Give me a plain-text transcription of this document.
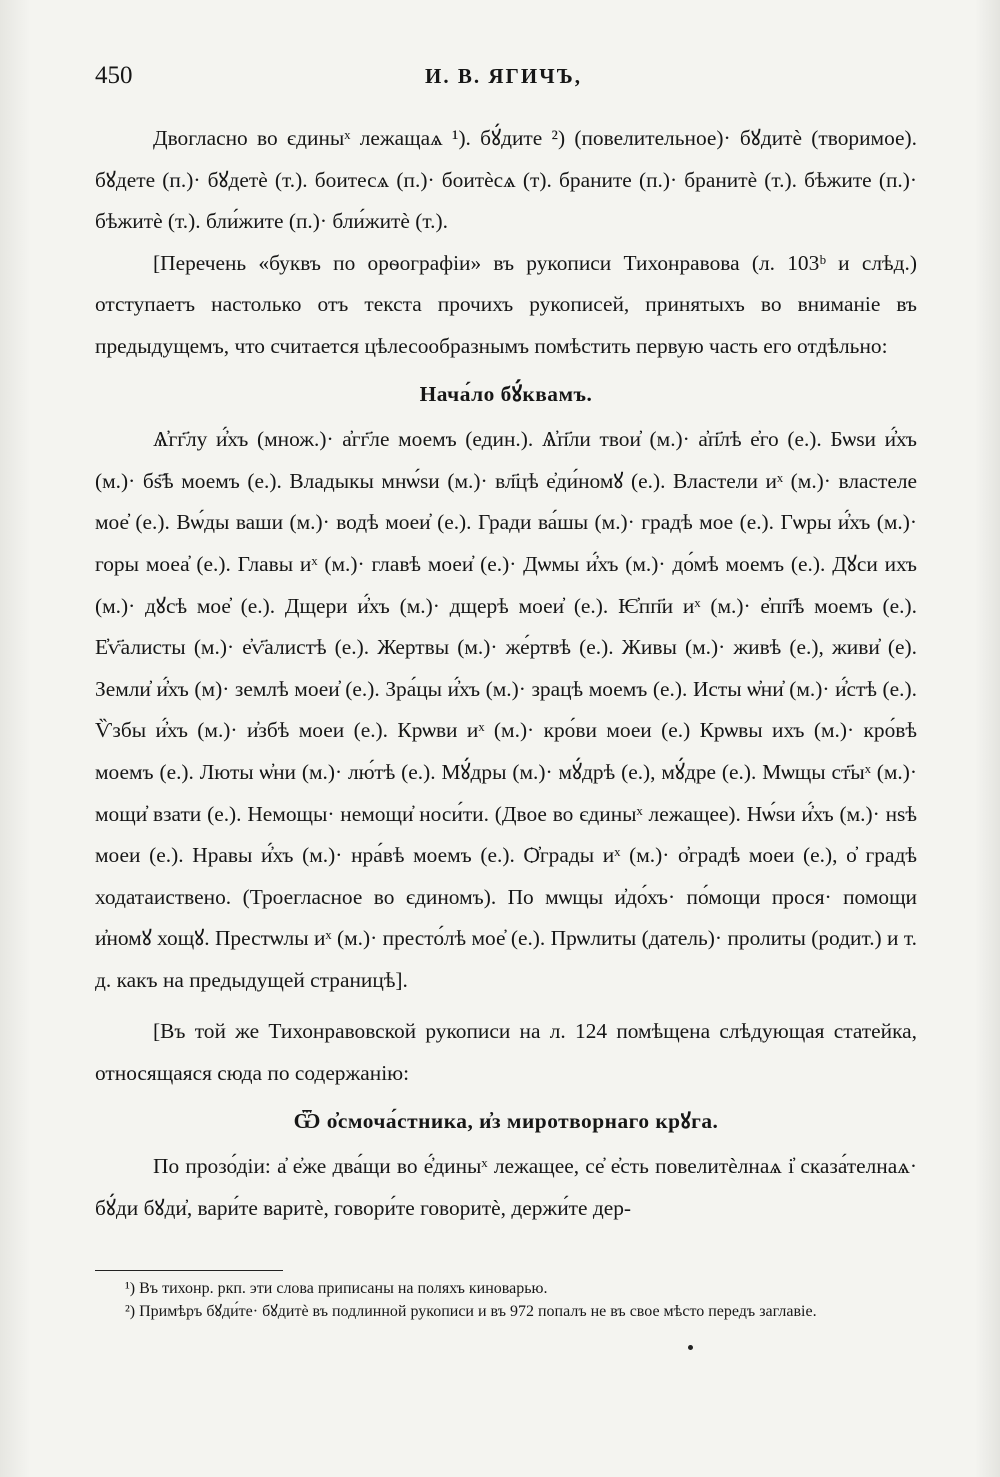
450	И. В. ЯГИЧЪ,

Двогласно во єдиныˣ лежащаѧ ¹). бꙋ́дите ²) (повелительное)· бꙋдитѐ (творимое). бꙋдете (п.)· бꙋдетѐ (т.). боитесѧ (п.)· боитѐсѧ (т). браните (п.)· бранитѐ (т.). бѣжите (п.)· бѣжитѐ (т.). бли́жите (п.)· бли́житѐ (т.).

[Перечень «буквъ по орѳографіи» въ рукописи Тихонравова (л. 103ᵇ и слѣд.) отступаетъ настолько отъ текста прочихъ рукописей, принятыхъ во вниманіе въ предыдущемъ, что считается цѣлесообразнымъ помѣстить первую часть его отдѣльно:

Нача́ло бꙋ́квамъ.

Ѧ҆гг҃лу и҆́хъ (множ.)· а҆гг҃ле моемъ (един.). Ѧ҆п҃ли твои҆ (м.)· а҆п҃лѣ е҆го (е.). Бѡѕи и҆́хъ (м.)· бѕ҃ѣ моемъ (е.). Владыкы мнѡ́ѕи (м.)· вл҃цѣ е҆ди́номꙋ (е.). Властели иˣ (м.)· властеле мое҆ (е.). Вѡ́ды ваши (м.)· водѣ моеи҆ (е.). Гради ва́шы (м.)· градѣ мое (е.). Гѡры и҆́хъ (м.)· горы моеа҆ (е.). Главы иˣ (м.)· главѣ моеи҆ (е.)· Дѡмы и҆́хъ (м.)· до́мѣ моемъ (е.). Дꙋси ихъ (м.)· дꙋсѣ мое҆ (е.). Дщери и҆́хъ (м.)· дщерѣ моеи҆ (е.). Ѥ҆пп҃и иˣ (м.)· е҆пп҃ѣ моемъ (е.). Е҆ѵ҃алисты (м.)· е҆ѵ҃алистѣ (е.). Жертвы (м.)· же́ртвѣ (е.). Живы (м.)· живѣ (е.), живи҆ (е). Земли҆ и҆́хъ (м)· землѣ моеи҆ (е.). Зра́цы и҆́хъ (м.)· зрацѣ моемъ (е.). Исты ѡ҆ни҆ (м.)· и҆́стѣ (е.). Ѷзбы и҆́хъ (м.)· и҆збѣ моеи (е.). Крѡви иˣ (м.)· кро́ви моеи (е.) Крѡвы ихъ (м.)· кро́вѣ моемъ (е.). Люты ѡ҆ни (м.)· лю́тѣ (е.). Мꙋ́дры (м.)· мꙋ́дрѣ (е.), мꙋ́дре (е.). Мѡщы ст҃ыˣ (м.)· мощи҆ взати (е.). Немощы· немощи҆ носи́ти. (Двое во єдиныˣ лежащее). Нѡ́ѕи и҆́хъ (м.)· нѕѣ моеи (е.). Нравы и҆́хъ (м.)· нра́вѣ моемъ (е.). Ѻ҆грады иˣ (м.)· о҆градѣ моеи (е.), о҆ градѣ ходатаиствено. (Троегласное во єдиномъ). По мѡщы и҆до́хъ· по́мощи прося· помощи и҆номꙋ хощꙋ. Престѡлы иˣ (м.)· престо́лѣ мое҆ (е.). Прѡлиты (датель)· пролиты (родит.) и т. д. какъ на предыдущей страницѣ].

[Въ той же Тихонравовской рукописи на л. 124 помѣщена слѣдующая статейка, относящаяся сюда по содержанію:

Ѿ о҆смоча́стника, и҆з миротворнаго крꙋга.

По прозо́діи: а҆ е҆же два́щи во е҆́диныˣ лежащее, се҆ е҆сть повелитѐлнаѧ і҆ сказа́телнаѧ· бꙋ́ди бꙋди҆, вари́те варитѐ, говори́те говоритѐ, держи́те дер-

¹) Въ тихонр. ркп. эти слова приписаны на поляхъ киноварью.

²) Примѣръ бꙋди́те· бꙋдитѐ въ подлинной рукописи и въ 972 попалъ не въ свое мѣсто передъ заглавіе.
